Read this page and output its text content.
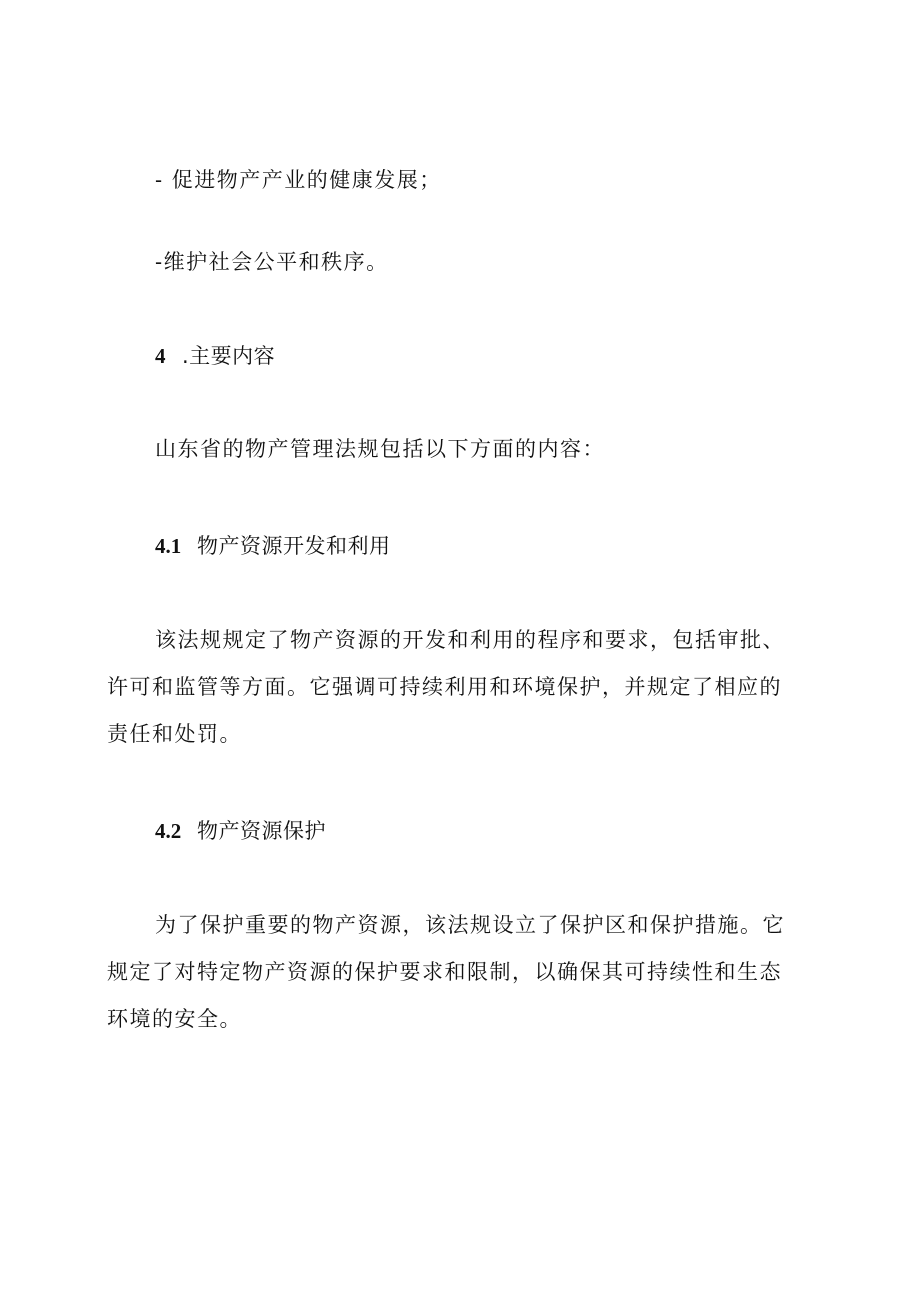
- 促进物产产业的健康发展；
-维护社会公平和秩序。
4 .主要内容
山东省的物产管理法规包括以下方面的内容：
4.1 物产资源开发和利用
该法规规定了物产资源的开发和利用的程序和要求，包括审批、
许可和监管等方面。它强调可持续利用和环境保护，并规定了相应的
责任和处罚。
4.2 物产资源保护
为了保护重要的物产资源，该法规设立了保护区和保护措施。它
规定了对特定物产资源的保护要求和限制，以确保其可持续性和生态
环境的安全。
